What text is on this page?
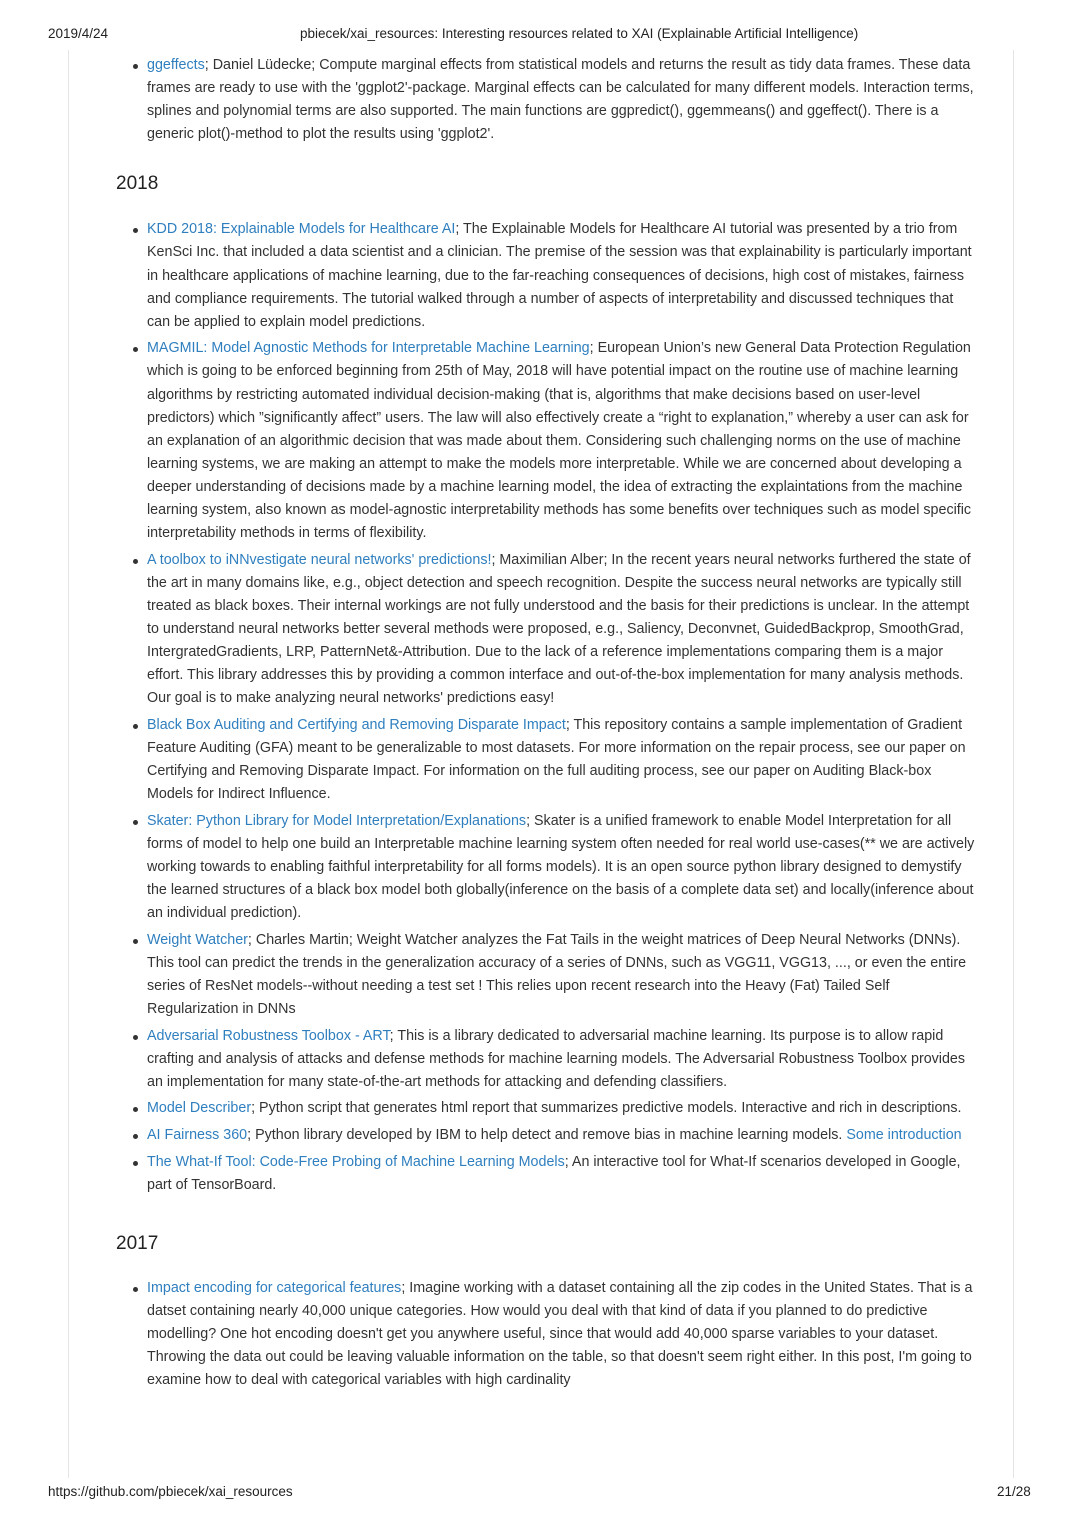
2019/4/24	pbiecek/xai_resources: Interesting resources related to XAI (Explainable Artificial Intelligence)
ggeffects; Daniel Lüdecke; Compute marginal effects from statistical models and returns the result as tidy data frames. These data frames are ready to use with the 'ggplot2'-package. Marginal effects can be calculated for many different models. Interaction terms, splines and polynomial terms are also supported. The main functions are ggpredict(), ggemmeans() and ggeffect(). There is a generic plot()-method to plot the results using 'ggplot2'.
2018
KDD 2018: Explainable Models for Healthcare AI; The Explainable Models for Healthcare AI tutorial was presented by a trio from KenSci Inc. that included a data scientist and a clinician. The premise of the session was that explainability is particularly important in healthcare applications of machine learning, due to the far-reaching consequences of decisions, high cost of mistakes, fairness and compliance requirements. The tutorial walked through a number of aspects of interpretability and discussed techniques that can be applied to explain model predictions.
MAGMIL: Model Agnostic Methods for Interpretable Machine Learning; European Union’s new General Data Protection Regulation which is going to be enforced beginning from 25th of May, 2018 will have potential impact on the routine use of machine learning algorithms by restricting automated individual decision-making (that is, algorithms that make decisions based on user-level predictors) which ”significantly affect” users. The law will also effectively create a “right to explanation,” whereby a user can ask for an explanation of an algorithmic decision that was made about them. Considering such challenging norms on the use of machine learning systems, we are making an attempt to make the models more interpretable. While we are concerned about developing a deeper understanding of decisions made by a machine learning model, the idea of extracting the explaintations from the machine learning system, also known as model-agnostic interpretability methods has some benefits over techniques such as model specific interpretability methods in terms of flexibility.
A toolbox to iNNvestigate neural networks' predictions!; Maximilian Alber; In the recent years neural networks furthered the state of the art in many domains like, e.g., object detection and speech recognition. Despite the success neural networks are typically still treated as black boxes. Their internal workings are not fully understood and the basis for their predictions is unclear. In the attempt to understand neural networks better several methods were proposed, e.g., Saliency, Deconvnet, GuidedBackprop, SmoothGrad, IntergratedGradients, LRP, PatternNet&-Attribution. Due to the lack of a reference implementations comparing them is a major effort. This library addresses this by providing a common interface and out-of-the-box implementation for many analysis methods. Our goal is to make analyzing neural networks' predictions easy!
Black Box Auditing and Certifying and Removing Disparate Impact; This repository contains a sample implementation of Gradient Feature Auditing (GFA) meant to be generalizable to most datasets. For more information on the repair process, see our paper on Certifying and Removing Disparate Impact. For information on the full auditing process, see our paper on Auditing Black-box Models for Indirect Influence.
Skater: Python Library for Model Interpretation/Explanations; Skater is a unified framework to enable Model Interpretation for all forms of model to help one build an Interpretable machine learning system often needed for real world use-cases(** we are actively working towards to enabling faithful interpretability for all forms models). It is an open source python library designed to demystify the learned structures of a black box model both globally(inference on the basis of a complete data set) and locally(inference about an individual prediction).
Weight Watcher; Charles Martin; Weight Watcher analyzes the Fat Tails in the weight matrices of Deep Neural Networks (DNNs). This tool can predict the trends in the generalization accuracy of a series of DNNs, such as VGG11, VGG13, ..., or even the entire series of ResNet models--without needing a test set ! This relies upon recent research into the Heavy (Fat) Tailed Self Regularization in DNNs
Adversarial Robustness Toolbox - ART; This is a library dedicated to adversarial machine learning. Its purpose is to allow rapid crafting and analysis of attacks and defense methods for machine learning models. The Adversarial Robustness Toolbox provides an implementation for many state-of-the-art methods for attacking and defending classifiers.
Model Describer; Python script that generates html report that summarizes predictive models. Interactive and rich in descriptions.
AI Fairness 360; Python library developed by IBM to help detect and remove bias in machine learning models. Some introduction
The What-If Tool: Code-Free Probing of Machine Learning Models; An interactive tool for What-If scenarios developed in Google, part of TensorBoard.
2017
Impact encoding for categorical features; Imagine working with a dataset containing all the zip codes in the United States. That is a datset containing nearly 40,000 unique categories. How would you deal with that kind of data if you planned to do predictive modelling? One hot encoding doesn't get you anywhere useful, since that would add 40,000 sparse variables to your dataset. Throwing the data out could be leaving valuable information on the table, so that doesn't seem right either. In this post, I'm going to examine how to deal with categorical variables with high cardinality
https://github.com/pbiecek/xai_resources	21/28
